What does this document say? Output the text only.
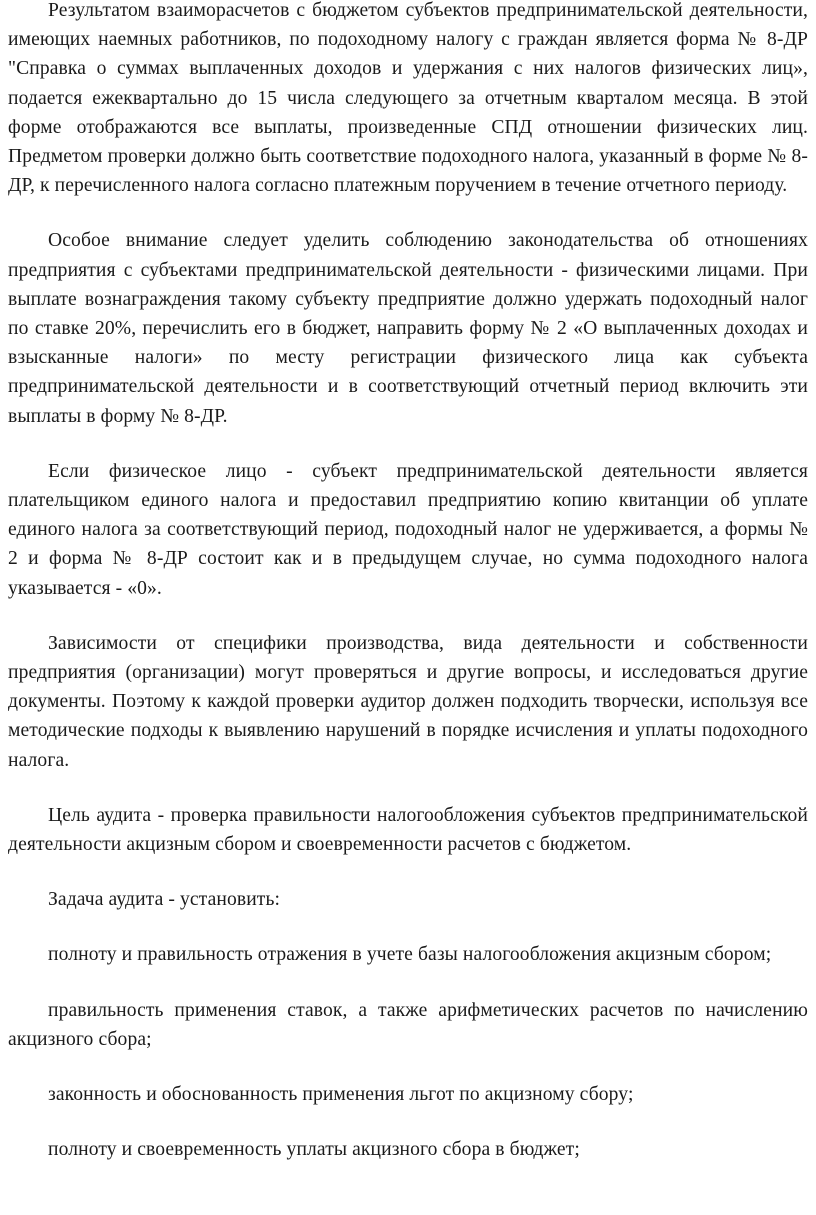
Результатом взаиморасчетов с бюджетом субъектов предпринимательской деятельности, имеющих наемных работников, по подоходному налогу с граждан является форма № 8-ДР "Справка о суммах выплаченных доходов и удержания с них налогов физических лиц», подается ежеквартально до 15 числа следующего за отчетным кварталом месяца. В этой форме отображаются все выплаты, произведенные СПД отношении физических лиц. Предметом проверки должно быть соответствие подоходного налога, указанный в форме № 8-ДР, к перечисленного налога согласно платежным поручением в течение отчетного периоду.

Особое внимание следует уделить соблюдению законодательства об отношениях предприятия с субъектами предпринимательской деятельности - физическими лицами. При выплате вознаграждения такому субъекту предприятие должно удержать подоходный налог по ставке 20%, перечислить его в бюджет, направить форму № 2 «О выплаченных доходах и взысканные налоги» по месту регистрации физического лица как субъекта предпринимательской деятельности и в соответствующий отчетный период включить эти выплаты в форму № 8-ДР.

Если физическое лицо - субъект предпринимательской деятельности является плательщиком единого налога и предоставил предприятию копию квитанции об уплате единого налога за соответствующий период, подоходный налог не удерживается, а формы № 2 и форма № 8-ДР состоит как и в предыдущем случае, но сумма подоходного налога указывается - «0».

Зависимости от специфики производства, вида деятельности и собственности предприятия (организации) могут проверяться и другие вопросы, и исследоваться другие документы. Поэтому к каждой проверки аудитор должен подходить творчески, используя все методические подходы к выявлению нарушений в порядке исчисления и уплаты подоходного налога.

Цель аудита - проверка правильности налогообложения субъектов предпринимательской деятельности акцизным сбором и своевременности расчетов с бюджетом.

Задача аудита - установить:

полноту и правильность отражения в учете базы налогообложения акцизным сбором;

правильность применения ставок, а также арифметических расчетов по начислению акцизного сбора;

законность и обоснованность применения льгот по акцизному сбору;

полноту и своевременность уплаты акцизного сбора в бюджет;
